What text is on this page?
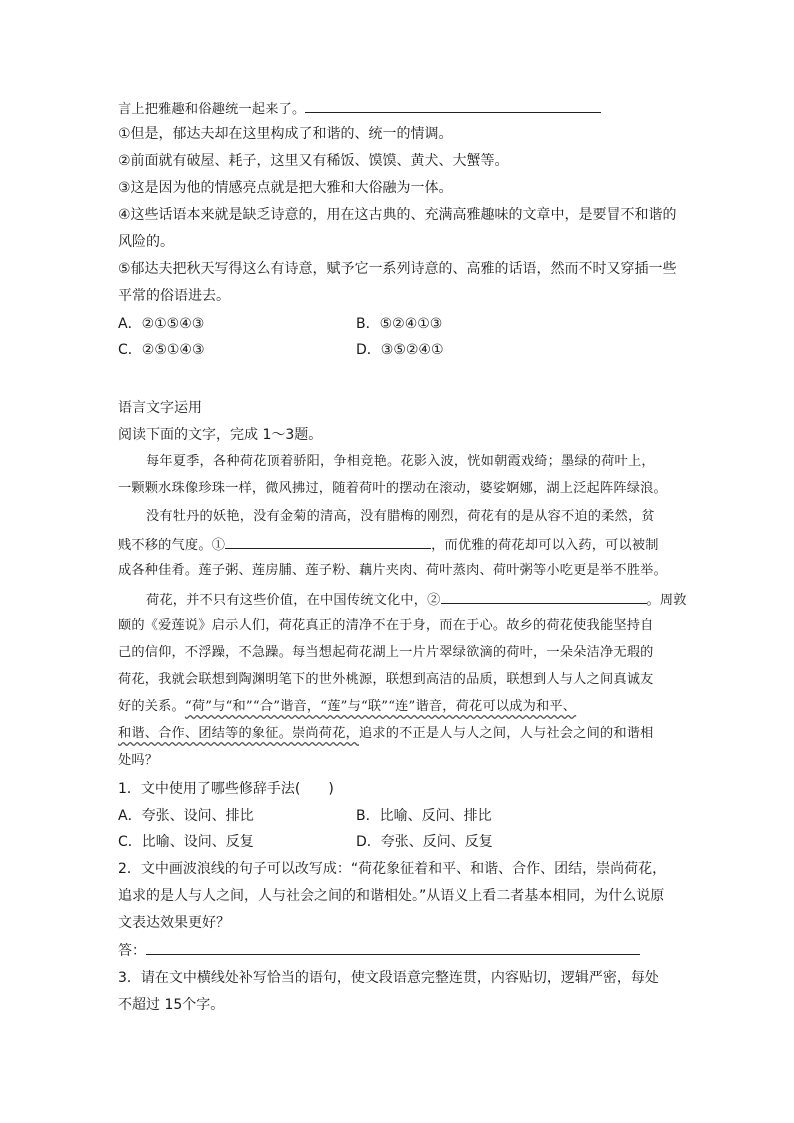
言上把雅趣和俗趣统一起来了。
①但是，郁达夫却在这里构成了和谐的、统一的情调。
②前面就有破屋、耗子，这里又有稀饭、馍馍、黄犬、大蟹等。
③这是因为他的情感亮点就是把大雅和大俗融为一体。
④这些话语本来就是缺乏诗意的，用在这古典的、充满高雅趣味的文章中，是要冒不和谐的
风险的。
⑤郁达夫把秋天写得这么有诗意，赋予它一系列诗意的、高雅的话语，然而不时又穿插一些
平常的俗语进去。
A．②①⑤④③	B．⑤②④①③
C．②⑤①④③	D．③⑤②④①
语言文字运用
阅读下面的文字，完成 1～3题。
每年夏季，各种荷花顶着骄阳，争相竞艳。花影入波，恍如朝霞戏绮；墨绿的荷叶上，
一颗颗水珠像珍珠一样，微风拂过，随着荷叶的摆动在滚动，婆娑婀娜，湖上泛起阵阵绿浪。
没有牡丹的妖艳，没有金菊的清高，没有腊梅的刚烈，荷花有的是从容不迫的柔然，贫
贱不移的气度。①	，而优雅的荷花却可以入药，可以被制
成各种佳肴。莲子粥、莲房脯、莲子粉、藕片夹肉、荷叶蒸肉、荷叶粥等小吃更是举不胜举。
荷花，并不只有这些价值，在中国传统文化中，②	。周敦
颐的《爱莲说》启示人们，荷花真正的清净不在于身，而在于心。故乡的荷花使我能坚持自
己的信仰，不浮躁，不急躁。每当想起荷花湖上一片片翠绿欲滴的荷叶，一朵朵洁净无瑕的
荷花，我就会联想到陶渊明笔下的世外桃源，联想到高洁的品质，联想到人与人之间真诚友
好的关系。“荷”与“和”“合”谐音，“莲”与“联”“连”谐音，荷花可以成为和平、
和谐、合作、团结等的象征。崇尚荷花，追求的不正是人与人之间，人与社会之间的和谐相
处吗？
1．文中使用了哪些修辞手法(　　)
A．夸张、设问、排比	B．比喻、反问、排比
C．比喻、设问、反复	D．夸张、反问、反复
2．文中画波浪线的句子可以改写成：“荷花象征着和平、和谐、合作、团结，崇尚荷花，
追求的是人与人之间，人与社会之间的和谐相处。”从语义上看二者基本相同，为什么说原
文表达效果更好？
答：
3．请在文中横线处补写恰当的语句，使文段语意完整连贯，内容贴切，逻辑严密，每处
不超过 15个字。
